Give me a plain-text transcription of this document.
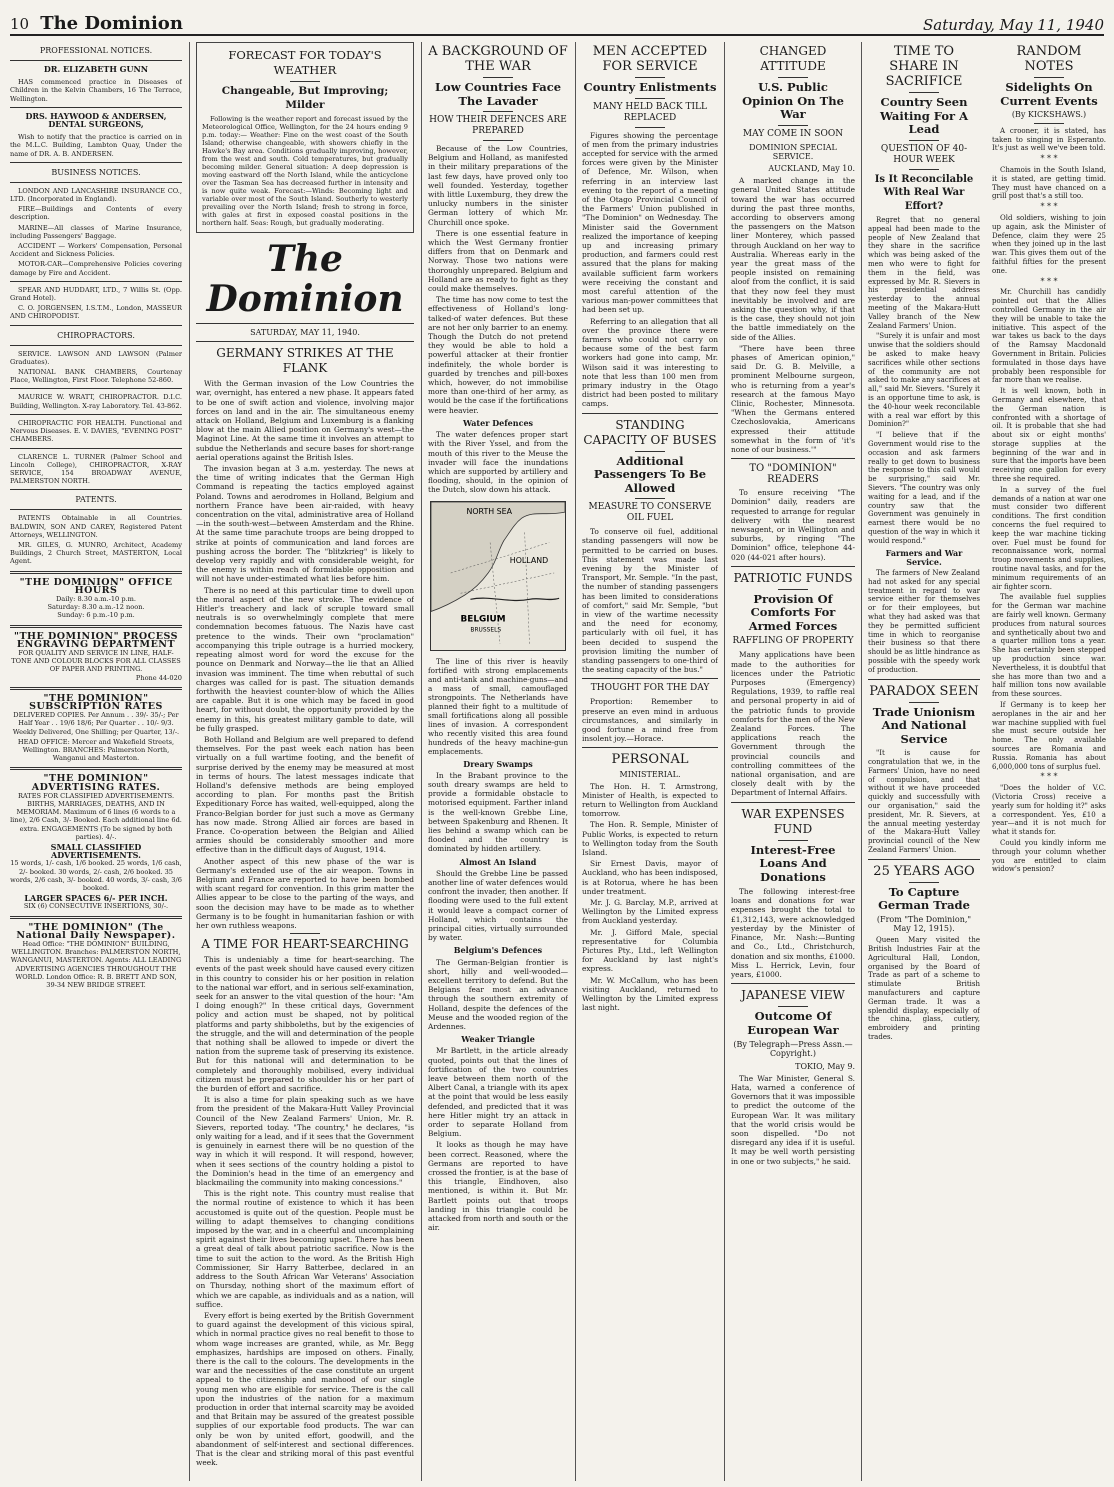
10 The Dominion	Saturday, May 11, 1940
PROFESSIONAL NOTICES.
DR. ELIZABETH GUNN

HAS commenced practice in Diseases of Children in the Kelvin Chambers, 16 The Terrace, Wellington.

DRS. HAYWOOD & ANDERSEN, DENTAL SURGEONS,

Wish to notify that the practice is carried on in the M.L.C. Building, Lambton Quay, Under the name of DR. A. B. ANDERSEN.

BUSINESS NOTICES.

LONDON AND LANCASHIRE INSURANCE CO., LTD. (Incorporated in England).

FIRE—Buildings and Contents of every description.

MARINE—All classes of Marine Insurance, including Passengers' Baggage.

ACCIDENT — Workers' Compensation, Personal Accident and Sickness Policies.

MOTOR-CAR—Comprehensive Policies covering damage by Fire and Accident.

SPEAR AND HUDDART, LTD., 7 Willis St. (Opp. Grand Hotel).

C. O. JORGENSEN, I.S.T.M., London, MASSEUR AND CHIROPODIST.

CHIROPRACTORS.

SERVICE. LAWSON AND LAWSON (Palmer Graduates).

NATIONAL BANK CHAMBERS, Courtenay Place, Wellington, First Floor. Telephone 52-860.

MAURICE W. WRATT, CHIROPRACTOR. D.I.C. Building, Wellington. X-ray Laboratory. Tel. 43-862.

CHIROPRACTIC FOR HEALTH. Functional and Nervous Diseases. E. V. DAVIES, "EVENING POST" CHAMBERS.

CLARENCE L. TURNER (Palmer School and Lincoln College), CHIROPRACTOR, X-RAY SERVICE, 154 BROADWAY AVENUE, PALMERSTON NORTH.

PATENTS.

PATENTS Obtainable in all Countries. BALDWIN, SON AND CAREY, Registered Patent Attorneys, WELLINGTON.

MR. GILES, G. MUNRO, Architect, Academy Buildings, 2 Church Street, MASTERTON, Local Agent.

"THE DOMINION" OFFICE HOURS
Daily: 8.30 a.m.-10 p.m.
Saturday: 8.30 a.m.-12 noon.
Sunday: 6 p.m.-10 p.m.
"THE DOMINION" PROCESS ENGRAVING DEPARTMENT
FOR QUALITY AND SERVICE IN LINE, HALF-TONE AND COLOUR BLOCKS FOR ALL CLASSES OF PAPER AND PRINTING.
Phone 44-020
"THE DOMINION" SUBSCRIPTION RATES

DELIVERED COPIES. Per Annum . . 39/- 35/-; Per Half Year . . 19/6 18/6; Per Quarter . . 10/- 9/3. Weekly Delivered, One Shilling; per Quarter, 13/-.

HEAD OFFICE: Mercer and Wakefield Streets, Wellington. BRANCHES: Palmerston North, Wanganui and Masterton.

"THE DOMINION" ADVERTISING RATES.

RATES FOR CLASSIFIED ADVERTISEMENTS. BIRTHS, MARRIAGES, DEATHS, AND IN MEMORIAM. Maximum of 6 lines (6 words to a line), 2/6 Cash, 3/- Booked. Each additional line 6d. extra. ENGAGEMENTS (To be signed by both parties). 4/-.

SMALL CLASSIFIED ADVERTISEMENTS.

15 words, 1/- cash, 1/6 booked. 25 words, 1/6 cash, 2/- booked. 30 words, 2/- cash, 2/6 booked. 35 words, 2/6 cash, 3/- booked. 40 words, 3/- cash, 3/6 booked.

LARGER SPACES 6/- PER INCH.
SIX (6) CONSECUTIVE INSERTIONS, 30/-.
"THE DOMINION" (The National Daily Newspaper).

Head Office: "THE DOMINION" BUILDING, WELLINGTON. Branches: PALMERSTON NORTH, WANGANUI, MASTERTON. Agents: ALL LEADING ADVERTISING AGENCIES THROUGHOUT THE WORLD. London Office: R. B. BRETT AND SON, 39-34 NEW BRIDGE STREET.

FORECAST FOR TODAY'S WEATHER
Changeable, But Improving; Milder

Following is the weather report and forecast issued by the Meteorological Office, Wellington, for the 24 hours ending 9 p.m. today:— Weather: Fine on the west coast of the South Island; otherwise changeable, with showers chiefly in the Hawke's Bay area. Conditions gradually improving, however, from the west and south. Cold temperatures, but gradually becoming milder. General situation: A deep depression is moving eastward off the North Island, while the anticyclone over the Tasman Sea has decreased further in intensity and is now quite weak. Forecast:—Winds: Becoming light and variable over most of the South Island. Southerly to westerly prevailing over the North Island; fresh to strong in force, with gales at first in exposed coastal positions in the northern half. Seas: Rough, but gradually moderating.

The Dominion
SATURDAY, MAY 11, 1940.
GERMANY STRIKES AT THE FLANK

With the German invasion of the Low Countries the war, overnight, has entered a new phase. It appears fated to be one of swift action and violence, involving major forces on land and in the air. The simultaneous enemy attack on Holland, Belgium and Luxemburg is a flanking blow at the main Allied position on Germany's west—the Maginot Line. At the same time it involves an attempt to subdue the Netherlands and secure bases for short-range aerial operations against the British Isles.

The invasion began at 3 a.m. yesterday. The news at the time of writing indicates that the German High Command is repeating the tactics employed against Poland. Towns and aerodromes in Holland, Belgium and northern France have been air-raided, with heavy concentration on the vital, administrative area of Holland—in the south-west—between Amsterdam and the Rhine. At the same time parachute troops are being dropped to strike at points of communication and land forces are pushing across the border. The "blitzkrieg" is likely to develop very rapidly and with considerable weight, for the enemy is within reach of formidable opposition and will not have under-estimated what lies before him.

There is no need at this particular time to dwell upon the moral aspect of the new stroke. The evidence of Hitler's treachery and lack of scruple toward small neutrals is so overwhelmingly complete that mere condemnation becomes fatuous. The Nazis have cast pretence to the winds. Their own "proclamation" accompanying this triple outrage is a hurried mockery, repeating almost word for word the excuse for the pounce on Denmark and Norway—the lie that an Allied invasion was imminent. The time when rebuttal of such charges was called for is past. The situation demands forthwith the heaviest counter-blow of which the Allies are capable. But it is one which may be faced in good heart, for without doubt, the opportunity provided by the enemy in this, his greatest military gamble to date, will be fully grasped.

Both Holland and Belgium are well prepared to defend themselves. For the past week each nation has been virtually on a full wartime footing, and the benefit of surprise derived by the enemy may be measured at most in terms of hours. The latest messages indicate that Holland's defensive methods are being employed according to plan. For months past the British Expeditionary Force has waited, well-equipped, along the Franco-Belgian border for just such a move as Germany has now made. Strong Allied air forces are based in France. Co-operation between the Belgian and Allied armies should be considerably smoother and more effective than in the difficult days of August, 1914.

Another aspect of this new phase of the war is Germany's extended use of the air weapon. Towns in Belgium and France are reported to have been bombed with scant regard for convention. In this grim matter the Allies appear to be close to the parting of the ways, and soon the decision may have to be made as to whether Germany is to be fought in humanitarian fashion or with her own ruthless weapons.

A TIME FOR HEART-SEARCHING

This is undeniably a time for heart-searching. The events of the past week should have caused every citizen in this country to consider his or her position in relation to the national war effort, and in serious self-examination, seek for an answer to the vital question of the hour: "Am I doing enough?" In these critical days, Government policy and action must be shaped, not by political platforms and party shibboleths, but by the exigencies of the struggle, and the will and determination of the people that nothing shall be allowed to impede or divert the nation from the supreme task of preserving its existence. But for this national will and determination to be completely and thoroughly mobilised, every individual citizen must be prepared to shoulder his or her part of the burden of effort and sacrifice.

It is also a time for plain speaking such as we have from the president of the Makara-Hutt Valley Provincial Council of the New Zealand Farmers' Union, Mr. R. Sievers, reported today. "The country," he declares, "is only waiting for a lead, and if it sees that the Government is genuinely in earnest there will be no question of the way in which it will respond. It will respond, however, when it sees sections of the country holding a pistol to the Dominion's head in the time of an emergency and blackmailing the community into making concessions."

This is the right note. This country must realise that the normal routine of existence to which it has been accustomed is quite out of the question. People must be willing to adapt themselves to changing conditions imposed by the war, and in a cheerful and uncomplaining spirit against their lives becoming upset. There has been a great deal of talk about patriotic sacrifice. Now is the time to suit the action to the word. As the British High Commissioner, Sir Harry Batterbee, declared in an address to the South African War Veterans' Association on Thursday, nothing short of the maximum effort of which we are capable, as individuals and as a nation, will suffice.

Every effort is being exerted by the British Government to guard against the development of this vicious spiral, which in normal practice gives no real benefit to those to whom wage increases are granted, while, as Mr. Begg emphasizes, hardships are imposed on others. Finally, there is the call to the colours. The developments in the war and the necessities of the case constitute an urgent appeal to the citizenship and manhood of our single young men who are eligible for service. There is the call upon the industries of the nation for a maximum production in order that internal scarcity may be avoided and that Britain may be assured of the greatest possible supplies of our exportable food products. The war can only be won by united effort, goodwill, and the abandonment of self-interest and sectional differences. That is the clear and striking moral of this past eventful week.

A BACKGROUND OF THE WAR
Low Countries Face The Lavader
HOW THEIR DEFENCES ARE PREPARED

Because of the Low Countries, Belgium and Holland, as manifested in their military preparations of the last few days, have proved only too well founded. Yesterday, together with little Luxemburg, they drew the unlucky numbers in the sinister German lottery of which Mr. Churchill once spoke.

There is one essential feature in which the West Germany frontier differs from that on Denmark and Norway. Those two nations were thoroughly unprepared. Belgium and Holland are as ready to fight as they could make themselves.

The time has now come to test the effectiveness of Holland's long-talked-of water defences. But these are not her only barrier to an enemy. Though the Dutch do not pretend they would be able to hold a powerful attacker at their frontier indefinitely, the whole border is guarded by trenches and pill-boxes which, however, do not immobilise more than one-third of her army, as would be the case if the fortifications were heavier.

Water Defences

The water defences proper start with the River Yssel, and from the mouth of this river to the Meuse the invader will face the inundations which are supported by artillery and flooding, should, in the opinion of the Dutch, slow down his attack.

NORTH SEA
HOLLAND
BELGIUM
BRUSSELS

The line of this river is heavily fortified with strong emplacements and anti-tank and machine-guns—and a mass of small, camouflaged strongpoints. The Netherlands have planned their fight to a multitude of small fortifications along all possible lines of invasion. A correspondent who recently visited this area found hundreds of the heavy machine-gun emplacements.

Dreary Swamps

In the Brabant province to the south dreary swamps are held to provide a formidable obstacle to motorised equipment. Farther inland is the well-known Grebbe Line, between Spakenburg and Rhenen. It lies behind a swamp which can be flooded and the country is dominated by hidden artillery.

Almost An Island

Should the Grebbe Line be passed another line of water defences would confront the invader, then another. If flooding were used to the full extent it would leave a compact corner of Holland, which contains the principal cities, virtually surrounded by water.

Belgium's Defences

The German-Belgian frontier is short, hilly and well-wooded—excellent territory to defend. But the Belgians fear most an advance through the southern extremity of Holland, despite the defences of the Meuse and the wooded region of the Ardennes.

Weaker Triangle

Mr Bartlett, in the article already quoted, points out that the lines of fortification of the two countries leave between them north of the Albert Canal, a triangle with its apex at the point that would be less easily defended, and predicted that it was here Hitler might try an attack in order to separate Holland from Belgium.

It looks as though he may have been correct. Reasoned, where the Germans are reported to have crossed the frontier, is at the base of this triangle, Eindhoven, also mentioned, is within it. But Mr. Bartlett points out that troops landing in this triangle could be attacked from north and south or the air.

MEN ACCEPTED FOR SERVICE
Country Enlistments
MANY HELD BACK TILL REPLACED

Figures showing the percentage of men from the primary industries accepted for service with the armed forces were given by the Minister of Defence, Mr. Wilson, when referring in an interview last evening to the report of a meeting of the Otago Provincial Council of the Farmers' Union published in "The Dominion" on Wednesday. The Minister said the Government realized the importance of keeping up and increasing primary production, and farmers could rest assured that the plans for making available sufficient farm workers were receiving the constant and most careful attention of the various man-power committees that had been set up.

Referring to an allegation that all over the province there were farmers who could not carry on because some of the best farm workers had gone into camp, Mr. Wilson said it was interesting to note that less than 100 men from primary industry in the Otago district had been posted to military camps.

STANDING CAPACITY OF BUSES
Additional Passengers To Be Allowed
MEASURE TO CONSERVE OIL FUEL

To conserve oil fuel, additional standing passengers will now be permitted to be carried on buses. This statement was made last evening by the Minister of Transport, Mr. Semple. "In the past, the number of standing passengers has been limited to considerations of comfort," said Mr. Semple, "but in view of the wartime necessity and the need for economy, particularly with oil fuel, it has been decided to suspend the provision limiting the number of standing passengers to one-third of the seating capacity of the bus."

THOUGHT FOR THE DAY

Proportion: Remember to preserve an even mind in arduous circumstances, and similarly in good fortune a mind free from insolent joy.—Horace.

PERSONAL
MINISTERIAL.

The Hon. H. T. Armstrong, Minister of Health, is expected to return to Wellington from Auckland tomorrow.

The Hon. R. Semple, Minister of Public Works, is expected to return to Wellington today from the South Island.

Sir Ernest Davis, mayor of Auckland, who has been indisposed, is at Rotorua, where he has been under treatment.

Mr. J. G. Barclay, M.P., arrived at Wellington by the Limited express from Auckland yesterday.

Mr. J. Gifford Male, special representative for Columbia Pictures Pty., Ltd., left Wellington for Auckland by last night's express.

Mr. W. McCallum, who has been visiting Auckland, returned to Wellington by the Limited express last night.

CHANGED ATTITUDE
U.S. Public Opinion On The War
MAY COME IN SOON
DOMINION SPECIAL SERVICE.
AUCKLAND, May 10.

A marked change in the general United States attitude toward the war has occurred during the past three months, according to observers among the passengers on the Matson liner Monterey, which passed through Auckland on her way to Australia. Whereas early in the year the great mass of the people insisted on remaining aloof from the conflict, it is said that they now feel they must inevitably be involved and are asking the question why, if that is the case, they should not join the battle immediately on the side of the Allies.

"There have been three phases of American opinion," said Dr. G. B. Melville, a prominent Melbourne surgeon, who is returning from a year's research at the famous Mayo Clinic, Rochester, Minnesota. "When the Germans entered Czechoslovakia, Americans expressed their attitude somewhat in the form of 'it's none of our business.'"

TO "DOMINION" READERS

To ensure receiving "The Dominion" daily, readers are requested to arrange for regular delivery with the nearest newsagent, or in Wellington and suburbs, by ringing "The Dominion" office, telephone 44-020 (44-021 after hours).

PATRIOTIC FUNDS
Provision Of Comforts For Armed Forces
RAFFLING OF PROPERTY

Many applications have been made to the authorities for licences under the Patriotic Purposes (Emergency) Regulations, 1939, to raffle real and personal property in aid of the patriotic funds to provide comforts for the men of the New Zealand Forces. The applications reach the Government through the provincial councils and controlling committees of the national organisation, and are closely dealt with by the Department of Internal Affairs.

WAR EXPENSES FUND
Interest-Free Loans And Donations

The following interest-free loans and donations for war expenses brought the total to £1,312,143, were acknowledged yesterday by the Minister of Finance, Mr. Nash:—Bunting and Co., Ltd., Christchurch, donation and six months, £1000. Miss L. Herrick, Levin, four years, £1000.

JAPANESE VIEW
Outcome Of European War
(By Telegraph—Press Assn.—Copyright.)
TOKIO, May 9.

The War Minister, General S. Hata, warned a conference of Governors that it was impossible to predict the outcome of the European War. It was military that the world crisis would be soon dispelled. "Do not disregard any idea if it is useful. It may be well worth persisting in one or two subjects," he said.

TIME TO SHARE IN SACRIFICE
Country Seen Waiting For A Lead
QUESTION OF 40-HOUR WEEK
Is It Reconcilable With Real War Effort?

Regret that no general appeal had been made to the people of New Zealand that they share in the sacrifice which was being asked of the men who were to fight for them in the field, was expressed by Mr. R. Sievers in his presidential address yesterday to the annual meeting of the Makara-Hutt Valley branch of the New Zealand Farmers' Union.

"Surely it is unfair and most unwise that the soldiers should be asked to make heavy sacrifices while other sections of the community are not asked to make any sacrifices at all," said Mr. Sievers. "Surely it is an opportune time to ask, is the 40-hour week reconcilable with a real war effort by this Dominion?"

"I believe that if the Government would rise to the occasion and ask farmers really to get down to business the response to this call would be surprising," said Mr. Sievers. "The country was only waiting for a lead, and if the country saw that the Government was genuinely in earnest there would be no question of the way in which it would respond."

Farmers and War Service.

The farmers of New Zealand had not asked for any special treatment in regard to war service either for themselves or for their employees, but what they had asked was that they be permitted sufficient time in which to reorganise their business so that there should be as little hindrance as possible with the speedy work of production.

PARADOX SEEN
Trade Unionism And National Service

"It is cause for congratulation that we, in the Farmers' Union, have no need of compulsion, and that without it we have proceeded quickly and successfully with our organisation," said the president, Mr. R. Sievers, at the annual meeting yesterday of the Makara-Hutt Valley provincial council of the New Zealand Farmers' Union.

25 YEARS AGO
To Capture German Trade
(From "The Dominion," May 12, 1915).

Queen Mary visited the British Industries Fair at the Agricultural Hall, London, organised by the Board of Trade as part of a scheme to stimulate British manufacturers and capture German trade. It was a splendid display, especially of the china, glass, cutlery, embroidery and printing trades.

RANDOM NOTES
Sidelights On Current Events
(By KICKSHAWS.)

A crooner, it is stated, has taken to singing in Esperanto. It's just as well we've been told.

* * *

Chamois in the South Island, it is stated, are getting timid. They must have chanced on a grill post that's a still too.

* * *

Old soldiers, wishing to join up again, ask the Minister of Defence, claim they were 25 when they joined up in the last war. This gives them out of the faithful fifties for the present one.

* * *

Mr. Churchill has candidly pointed out that the Allies controlled Germany in the air they will be unable to take the initiative. This aspect of the war takes us back to the days of the Ramsay Macdonald Government in Britain. Policies formulated in those days have probably been responsible for far more than we realise.

It is well known, both in Germany and elsewhere, that the German nation is confronted with a shortage of oil. It is probable that she had about six or eight months' storage supplies at the beginning of the war and in sure that the imports have been receiving one gallon for every three she required.

In a survey of the fuel demands of a nation at war one must consider two different conditions. The first condition concerns the fuel required to keep the war machine ticking over. Fuel must be found for reconnaissance work, normal troop movements and supplies, routine naval tasks, and for the minimum requirements of an air fighter scorn.

The available fuel supplies for the German war machine are fairly well known. Germany produces from natural sources and synthetically about two and a quarter million tons a year. She has certainly been stepped up production since war. Nevertheless, it is doubtful that she has more than two and a half million tons now available from these sources.

If Germany is to keep her aeroplanes in the air and her war machine supplied with fuel she must secure outside her home. The only available sources are Romania and Russia. Romania has about 6,000,000 tons of surplus fuel.

* * *

"Does the holder of V.C. (Victoria Cross) receive a yearly sum for holding it?" asks a correspondent. Yes, £10 a year—and it is not much for what it stands for.

Could you kindly inform me through your column whether you are entitled to claim widow's pension?
